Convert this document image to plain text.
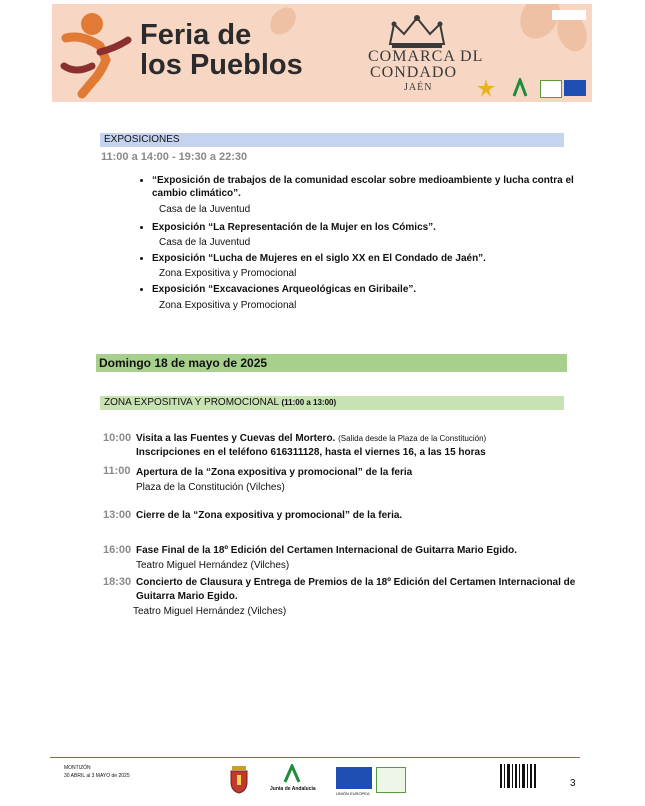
Feria de
los Pueblos	COMARCA DL
CONDADO
JAÉN
EXPOSICIONES
11:00 a 14:00 - 19:30 a 22:30
“Exposición de trabajos de la comunidad escolar sobre medioambiente y lucha contra el
cambio climático”.
Casa de la Juventud
Exposición “La Representación de la Mujer en los Cómics”.
Casa de la Juventud
Exposición “Lucha de Mujeres en el siglo XX en El Condado de Jaén”.
Zona Expositiva y Promocional
Exposición “Excavaciones Arqueológicas en Giribaile”.
Zona Expositiva y Promocional
Domingo 18 de mayo de 2025
ZONA EXPOSITIVA Y PROMOCIONAL (11:00 a 13:00)
10:00 Visita a las Fuentes y Cuevas del Mortero. (Salida desde la Plaza de la Constitución)
Inscripciones en el teléfono 616311128, hasta el viernes 16, a las 15 horas
11:00 Apertura de la “Zona expositiva y promocional” de la feria
Plaza de la Constitución (Vilches)
13:00 Cierre de la “Zona expositiva y promocional” de la feria.
16:00 Fase Final de la 18º Edición del Certamen Internacional de Guitarra Mario Egido.
Teatro Miguel Hernández (Vilches)
18:30 Concierto de Clausura y Entrega de Premios de la 18º Edición del Certamen Internacional de
Guitarra Mario Egido.
Teatro Miguel Hernández (Vilches)
MONTIZÓN
30 ABRIL al 3 MAYO de 2025
Junta de Andalucía
UNIÓN EUROPEA
3
